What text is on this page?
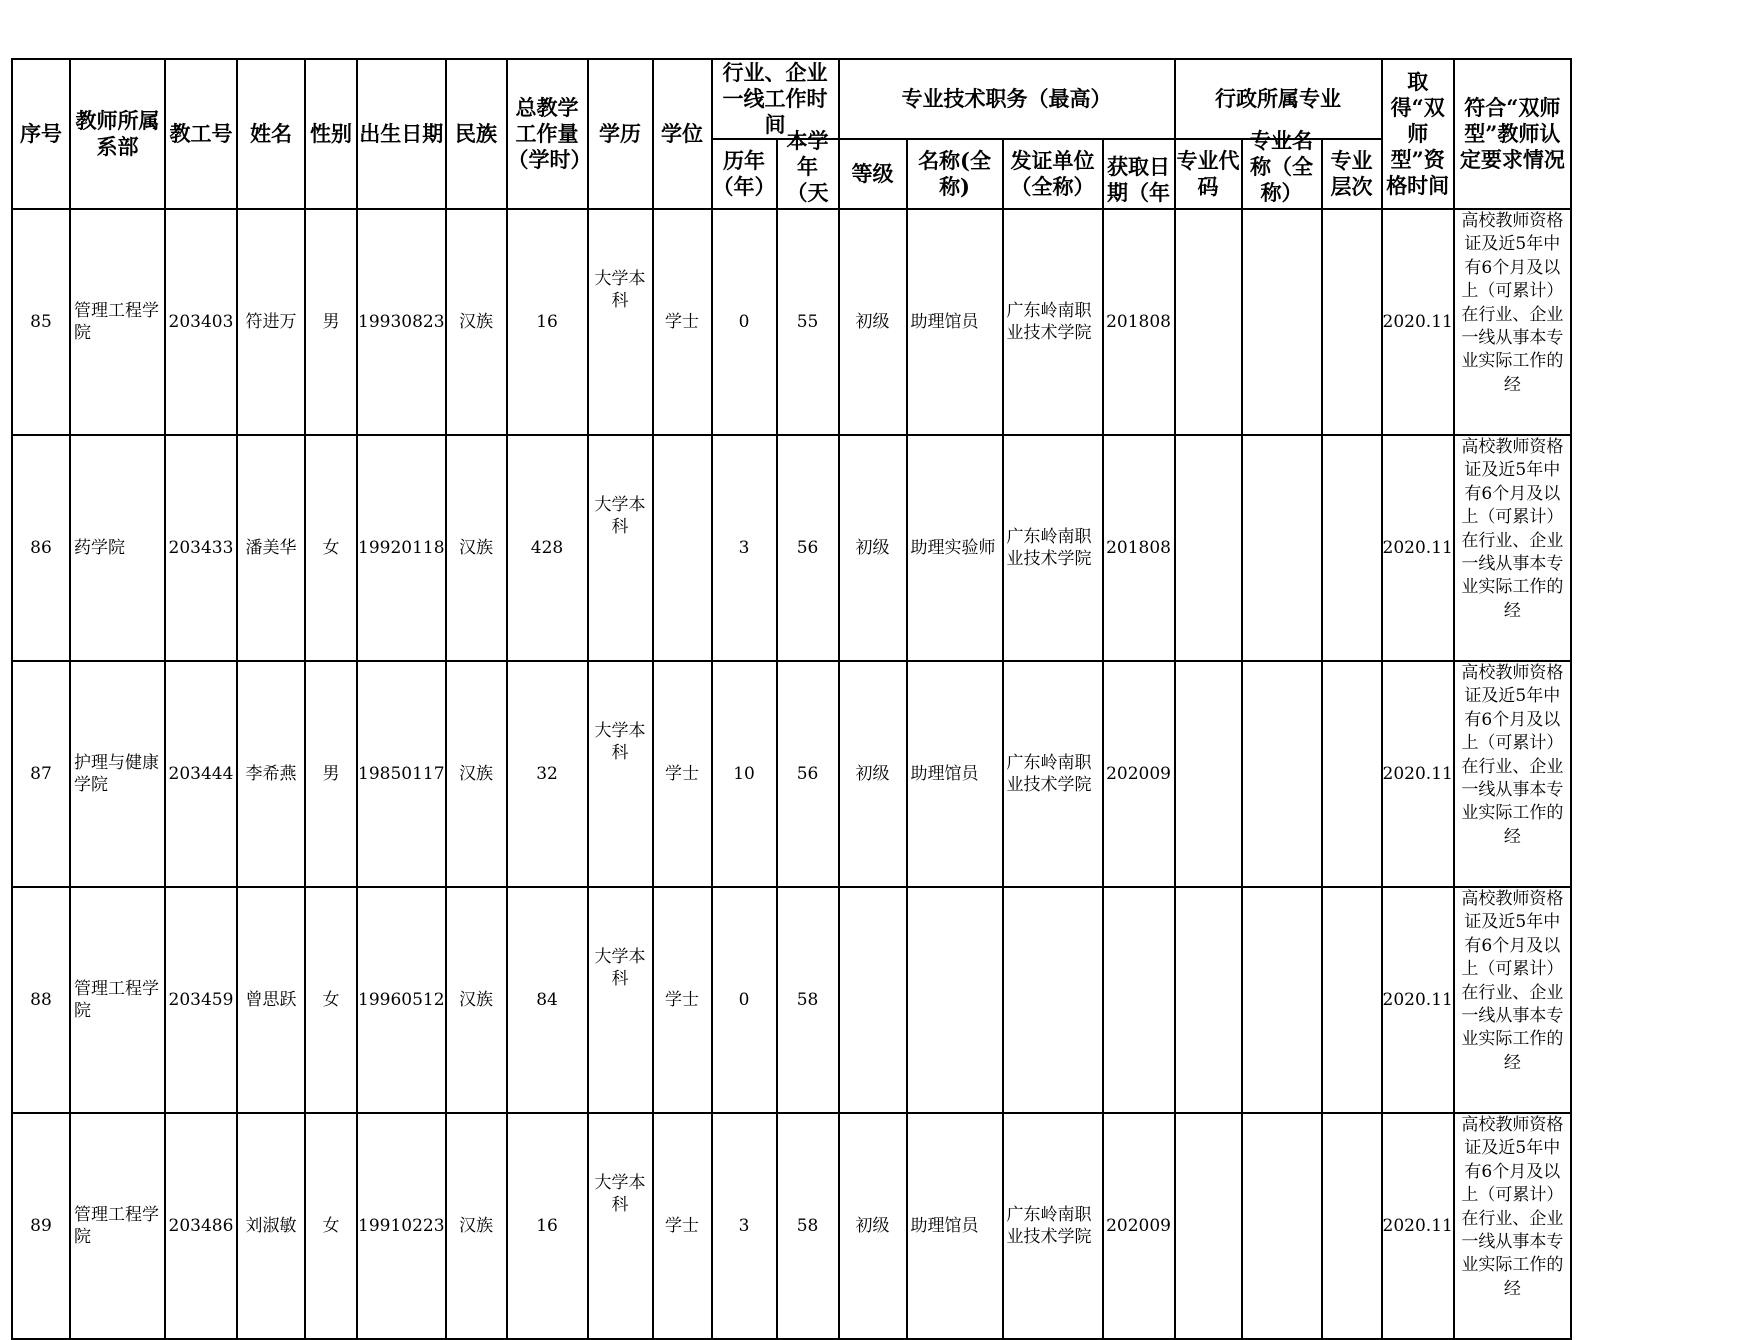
序号	教师所属系部	教工号	姓名	性别	出生日期	民族	总教学工作量（学时）	学历	学位	行业、企业一线工作时间		专业技术职务（最高）				行政所属专业			取得“双师型”资格时间	符合“双师型”教师认定要求情况
										历年（年）	本学年（天	等级	名称(全称)	发证单位（全称）	获取日期（年	专业代码	专业名称（全称）	专业层次		
85	管理工程学院	203403	符进万	男	19930823	汉族	16	大学本科	学士	0	55	初级	助理馆员	广东岭南职业技术学院	201808				2020.11	高校教师资格证及近5年中有6个月及以上（可累计）在行业、企业一线从事本专业实际工作的经

86	药学院	203433	潘美华	女	19920118	汉族	428	大学本科		3	56	初级	助理实验师	广东岭南职业技术学院	201808				2020.11	高校教师资格证及近5年中有6个月及以上（可累计）在行业、企业一线从事本专业实际工作的经

87	护理与健康学院	203444	李希燕	男	19850117	汉族	32	大学本科	学士	10	56	初级	助理馆员	广东岭南职业技术学院	202009				2020.11	高校教师资格证及近5年中有6个月及以上（可累计）在行业、企业一线从事本专业实际工作的经

88	管理工程学院	203459	曾思跃	女	19960512	汉族	84	大学本科	学士	0	58								2020.11	高校教师资格证及近5年中有6个月及以上（可累计）在行业、企业一线从事本专业实际工作的经

89	管理工程学院	203486	刘淑敏	女	19910223	汉族	16	大学本科	学士	3	58	初级	助理馆员	广东岭南职业技术学院	202009				2020.11	高校教师资格证及近5年中有6个月及以上（可累计）在行业、企业一线从事本专业实际工作的经
